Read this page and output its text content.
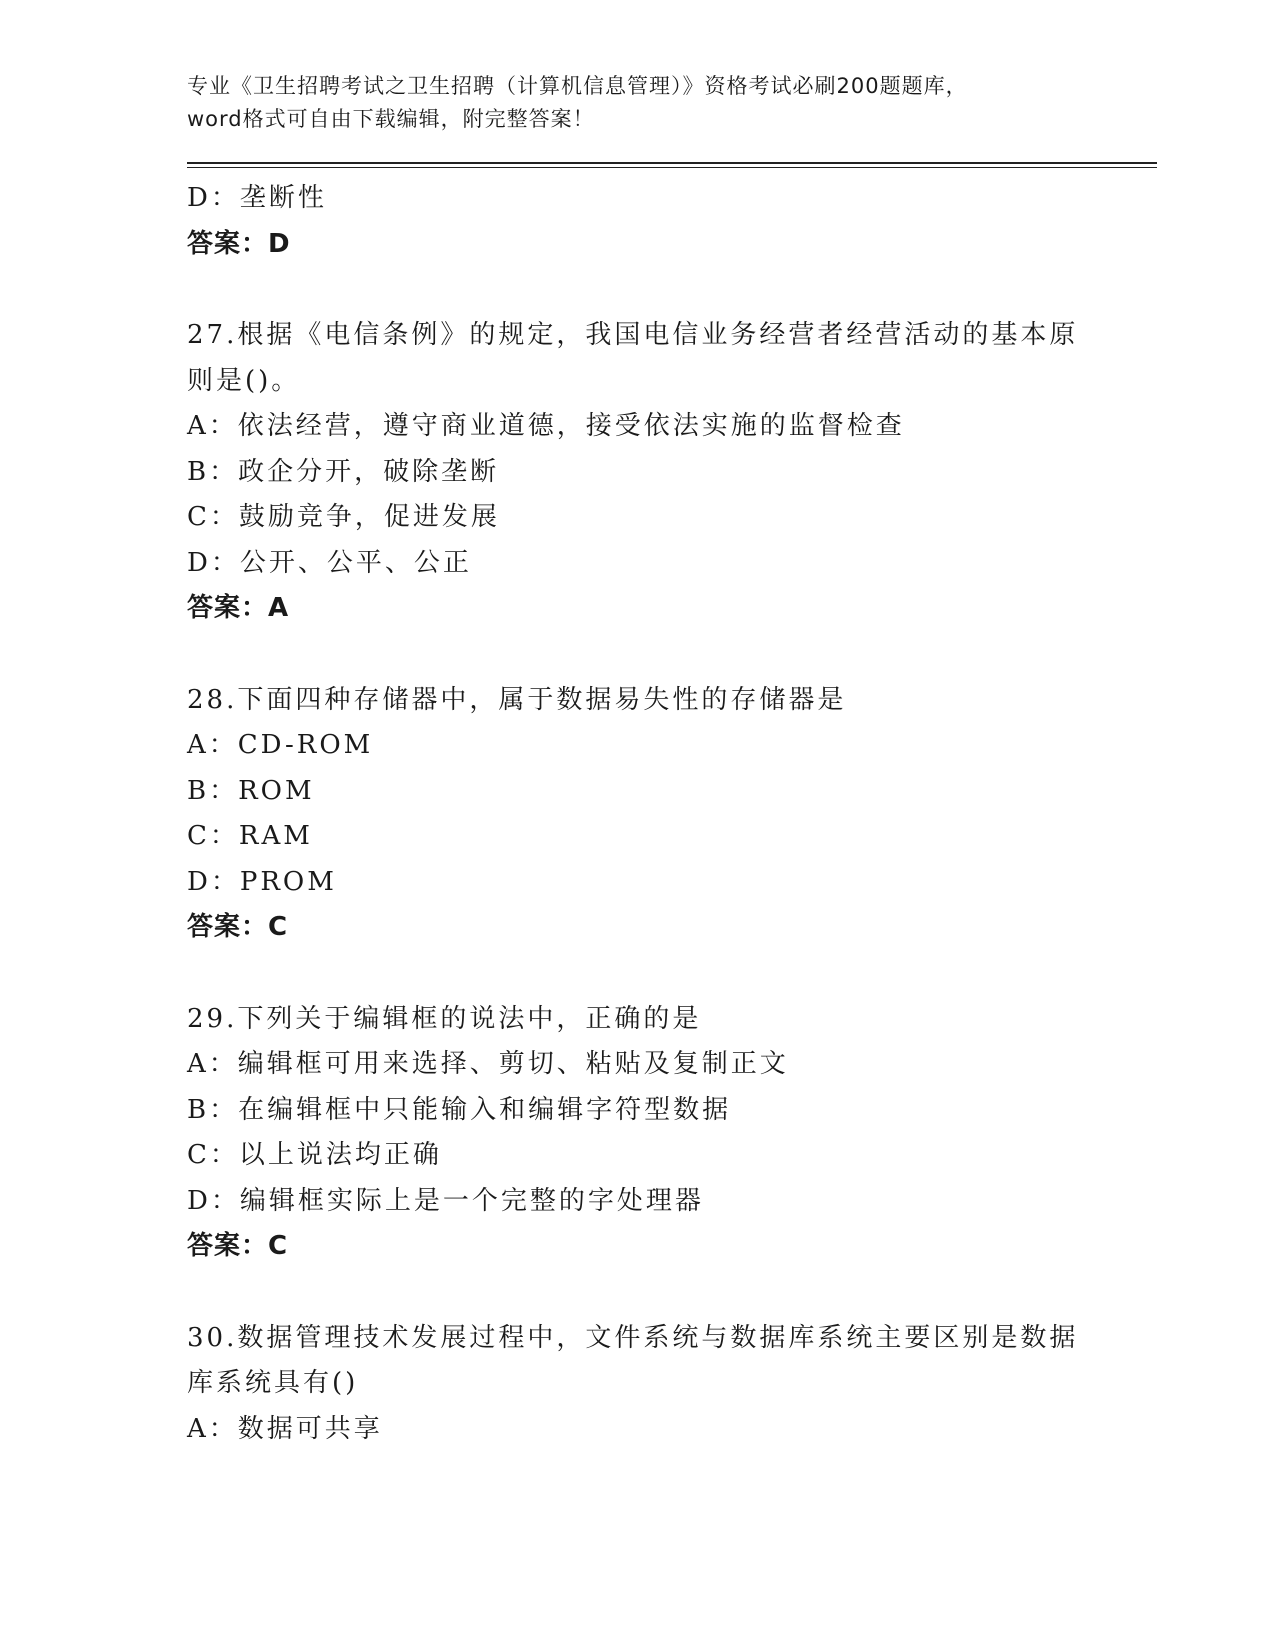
专业《卫生招聘考试之卫生招聘（计算机信息管理）》资格考试必刷200题题库，

word格式可自由下载编辑，附完整答案！

D：垄断性

答案：D

27.根据《电信条例》的规定，我国电信业务经营者经营活动的基本原

则是()。

A：依法经营，遵守商业道德，接受依法实施的监督检查

B：政企分开，破除垄断

C：鼓励竞争，促进发展

D：公开、公平、公正

答案：A

28.下面四种存储器中，属于数据易失性的存储器是

A：CD-ROM

B：ROM

C：RAM

D：PROM

答案：C

29.下列关于编辑框的说法中，正确的是

A：编辑框可用来选择、剪切、粘贴及复制正文

B：在编辑框中只能输入和编辑字符型数据

C：以上说法均正确

D：编辑框实际上是一个完整的字处理器

答案：C

30.数据管理技术发展过程中，文件系统与数据库系统主要区别是数据

库系统具有()

A：数据可共享
